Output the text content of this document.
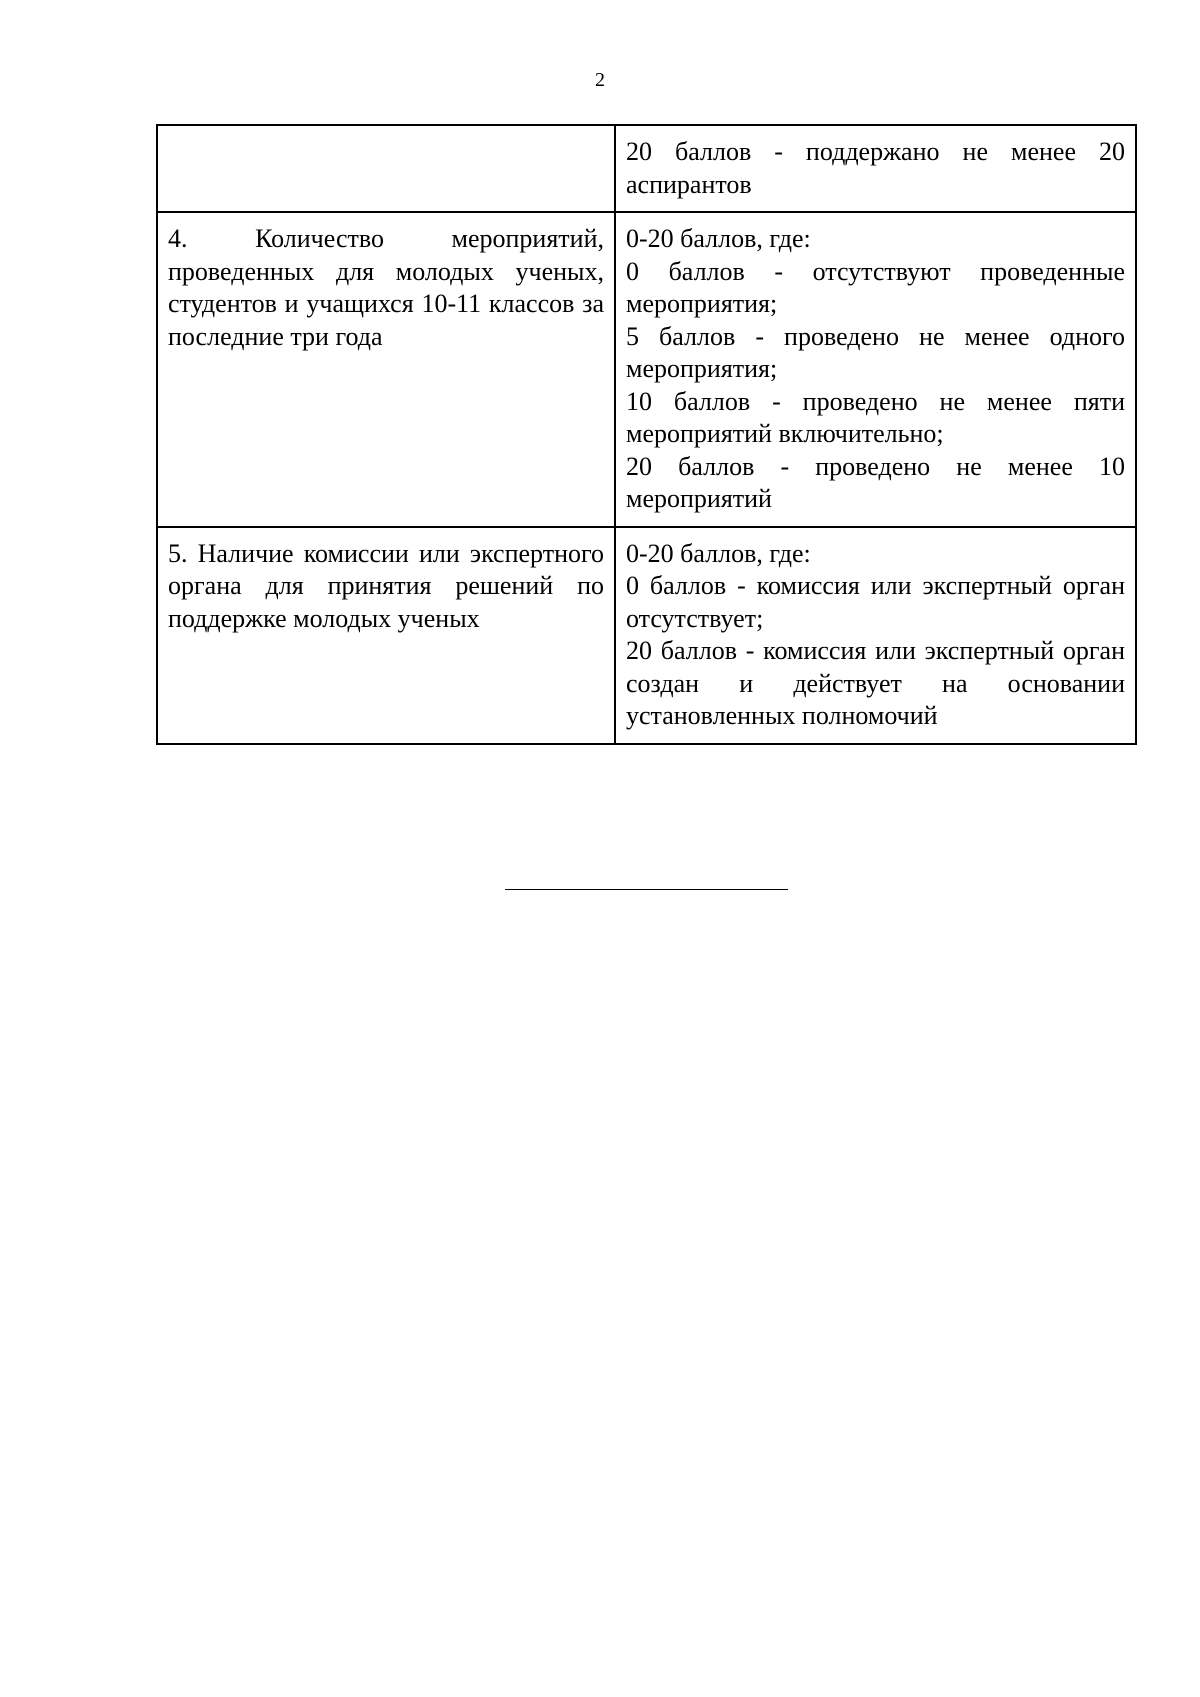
2

	20 баллов - поддержано не менее 20 аспирантов

4. Количество мероприятий, проведенных для молодых ученых, студентов и учащихся 10-11 классов за последние три года	0-20 баллов, где:
0 баллов - отсутствуют проведенные мероприятия;
5 баллов - проведено не менее одного мероприятия;
10 баллов - проведено не менее пяти мероприятий включительно;
20 баллов - проведено не менее 10 мероприятий

5. Наличие комиссии или экспертного органа для принятия решений по поддержке молодых ученых	0-20 баллов, где:
0 баллов - комиссия или экспертный орган отсутствует;
20 баллов - комиссия или экспертный орган создан и действует на основании установленных полномочий
